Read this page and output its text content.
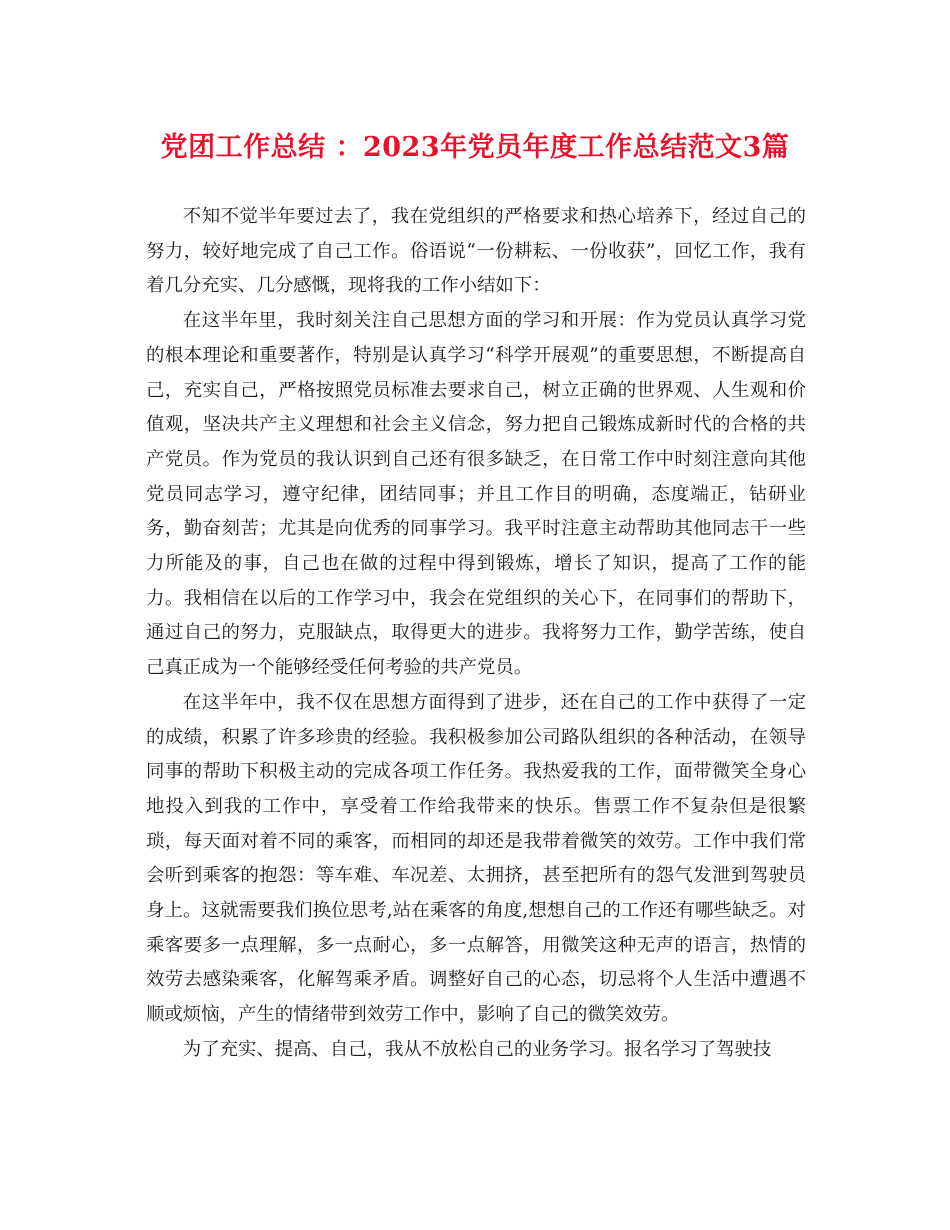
党团工作总结 ：2023年党员年度工作总结范文3篇

不知不觉半年要过去了，我在党组织的严格要求和热心培养下，经过自己的努力，较好地完成了自己工作。俗语说“一份耕耘、一份收获”，回忆工作，我有着几分充实、几分感慨，现将我的工作小结如下：

在这半年里，我时刻关注自己思想方面的学习和开展：作为党员认真学习党的根本理论和重要著作，特别是认真学习“科学开展观”的重要思想，不断提高自己，充实自己，严格按照党员标准去要求自己，树立正确的世界观、人生观和价值观，坚决共产主义理想和社会主义信念，努力把自己锻炼成新时代的合格的共产党员。作为党员的我认识到自己还有很多缺乏，在日常工作中时刻注意向其他党员同志学习，遵守纪律，团结同事；并且工作目的明确，态度端正，钻研业务，勤奋刻苦；尤其是向优秀的同事学习。我平时注意主动帮助其他同志干一些力所能及的事，自己也在做的过程中得到锻炼，增长了知识，提高了工作的能力。我相信在以后的工作学习中，我会在党组织的关心下，在同事们的帮助下，通过自己的努力，克服缺点，取得更大的进步。我将努力工作，勤学苦练，使自己真正成为一个能够经受任何考验的共产党员。

在这半年中，我不仅在思想方面得到了进步，还在自己的工作中获得了一定的成绩，积累了许多珍贵的经验。我积极参加公司路队组织的各种活动，在领导同事的帮助下积极主动的完成各项工作任务。我热爱我的工作，面带微笑全身心地投入到我的工作中，享受着工作给我带来的快乐。售票工作不复杂但是很繁琐，每天面对着不同的乘客，而相同的却还是我带着微笑的效劳。工作中我们常会听到乘客的抱怨：等车难、车况差、太拥挤，甚至把所有的怨气发泄到驾驶员身上。这就需要我们换位思考,站在乘客的角度,想想自己的工作还有哪些缺乏。对乘客要多一点理解，多一点耐心，多一点解答，用微笑这种无声的语言，热情的效劳去感染乘客，化解驾乘矛盾。调整好自己的心态，切忌将个人生活中遭遇不顺或烦恼，产生的情绪带到效劳工作中，影响了自己的微笑效劳。

为了充实、提高、自己，我从不放松自己的业务学习。报名学习了驾驶技
